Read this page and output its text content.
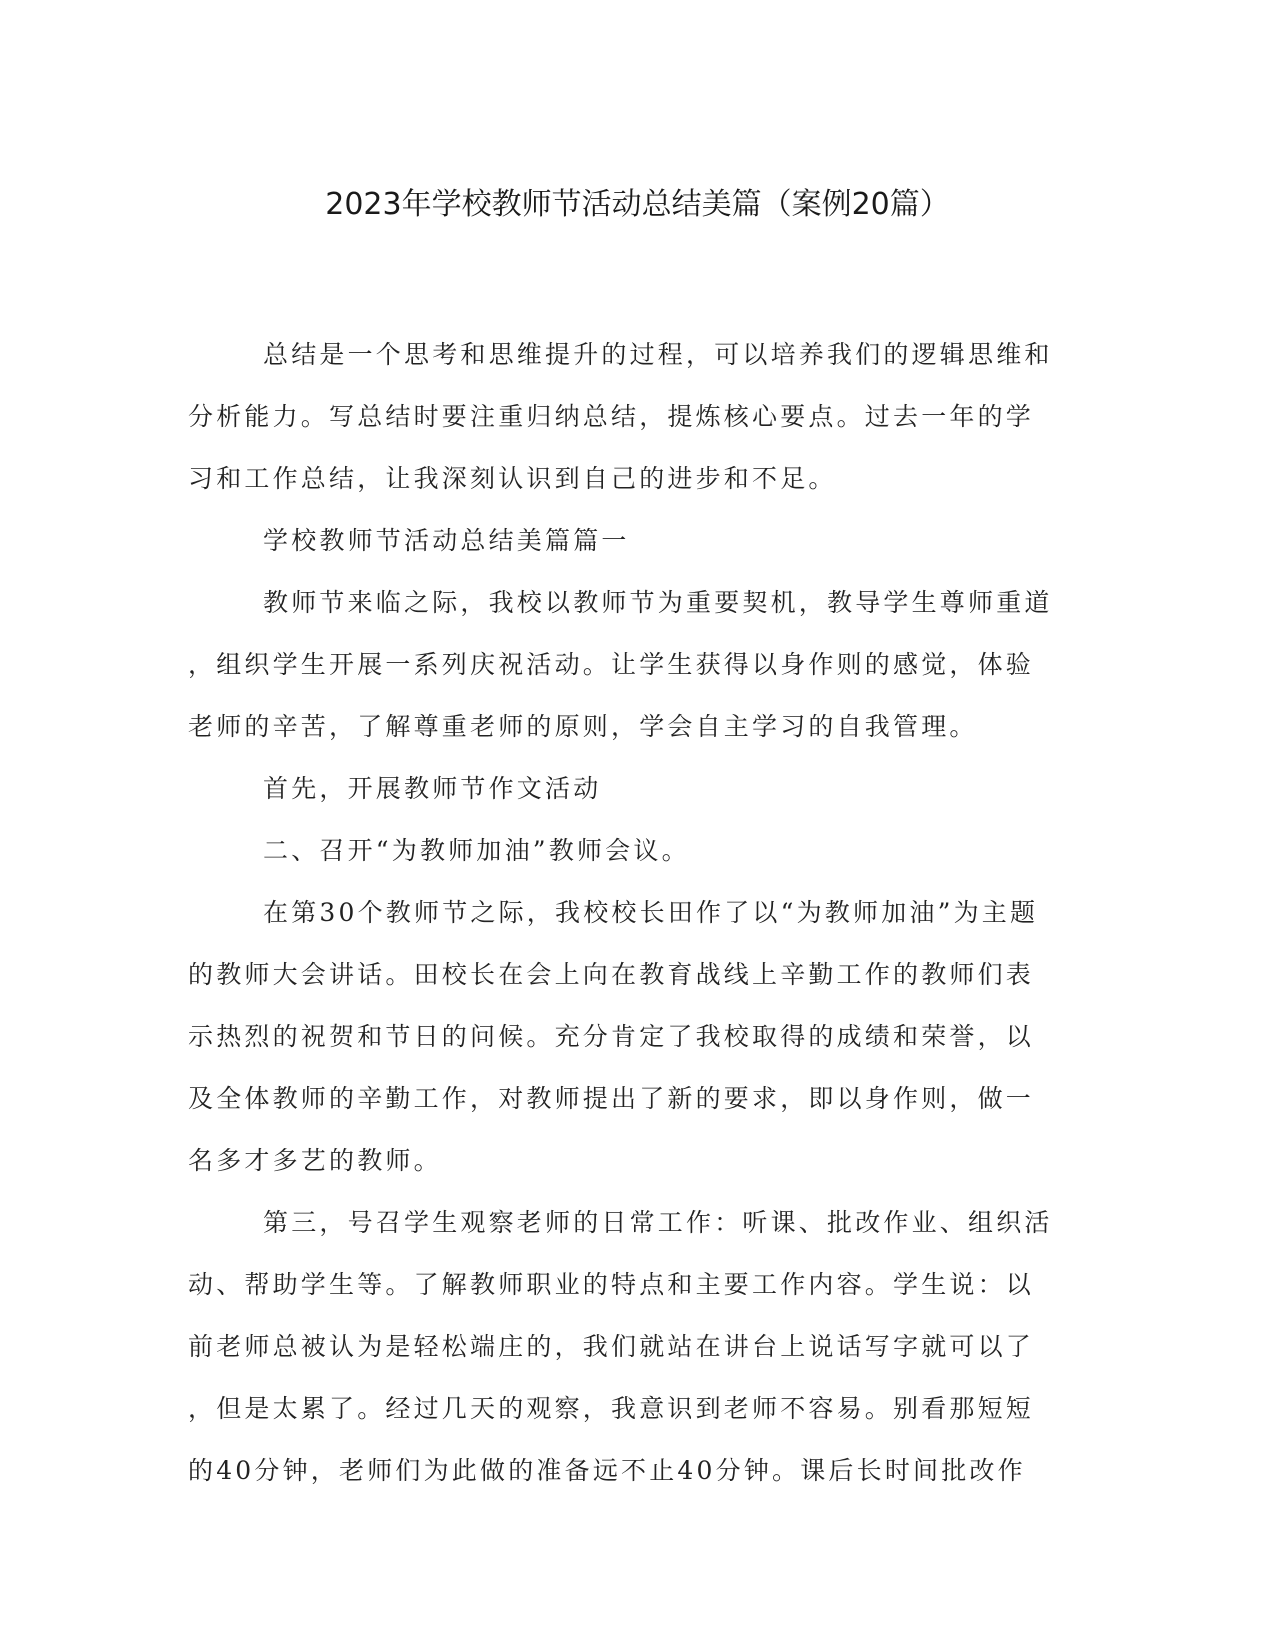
2023年学校教师节活动总结美篇（案例20篇）

总结是一个思考和思维提升的过程，可以培养我们的逻辑思维和
分析能力。写总结时要注重归纳总结，提炼核心要点。过去一年的学
习和工作总结，让我深刻认识到自己的进步和不足。

学校教师节活动总结美篇篇一

教师节来临之际，我校以教师节为重要契机，教导学生尊师重道
，组织学生开展一系列庆祝活动。让学生获得以身作则的感觉，体验
老师的辛苦，了解尊重老师的原则，学会自主学习的自我管理。

首先，开展教师节作文活动

二、召开“为教师加油”教师会议。

在第30个教师节之际，我校校长田作了以“为教师加油”为主题
的教师大会讲话。田校长在会上向在教育战线上辛勤工作的教师们表
示热烈的祝贺和节日的问候。充分肯定了我校取得的成绩和荣誉，以
及全体教师的辛勤工作，对教师提出了新的要求，即以身作则，做一
名多才多艺的教师。

第三，号召学生观察老师的日常工作：听课、批改作业、组织活
动、帮助学生等。了解教师职业的特点和主要工作内容。学生说：以
前老师总被认为是轻松端庄的，我们就站在讲台上说话写字就可以了
，但是太累了。经过几天的观察，我意识到老师不容易。别看那短短
的40分钟，老师们为此做的准备远不止40分钟。课后长时间批改作
